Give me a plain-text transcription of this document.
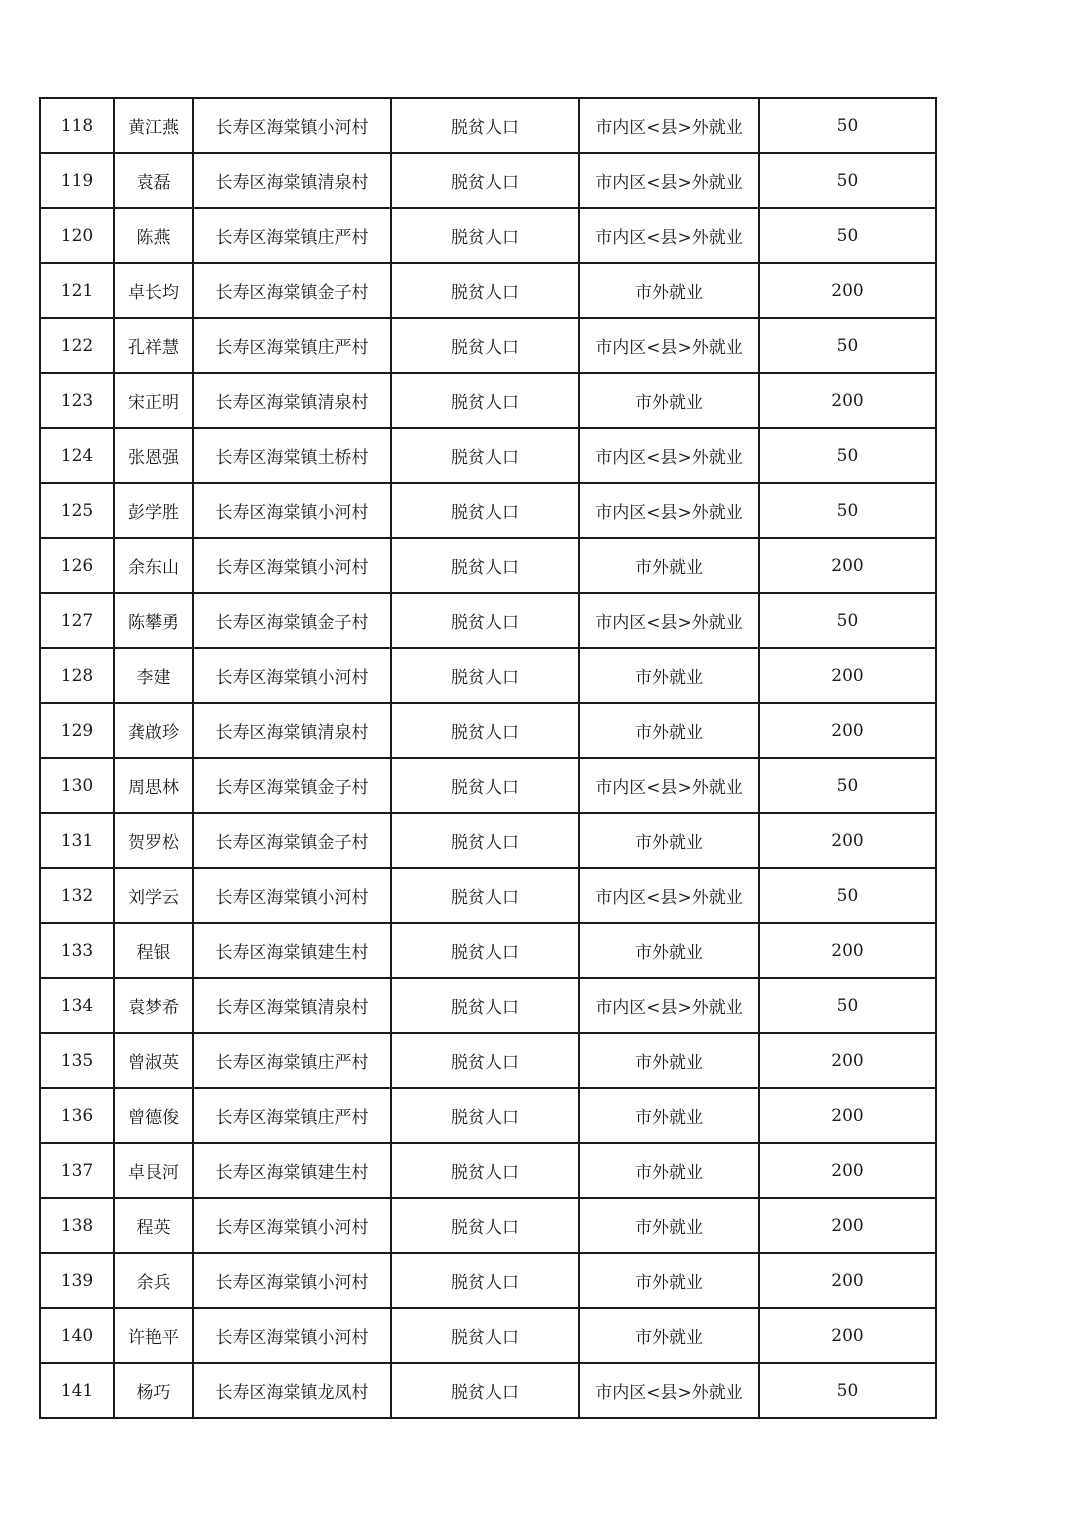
118	黄江燕	长寿区海棠镇小河村	脱贫人口	市内区<县>外就业	50
119	袁磊	长寿区海棠镇清泉村	脱贫人口	市内区<县>外就业	50
120	陈燕	长寿区海棠镇庄严村	脱贫人口	市内区<县>外就业	50
121	卓长均	长寿区海棠镇金子村	脱贫人口	市外就业	200
122	孔祥慧	长寿区海棠镇庄严村	脱贫人口	市内区<县>外就业	50
123	宋正明	长寿区海棠镇清泉村	脱贫人口	市外就业	200
124	张恩强	长寿区海棠镇土桥村	脱贫人口	市内区<县>外就业	50
125	彭学胜	长寿区海棠镇小河村	脱贫人口	市内区<县>外就业	50
126	余东山	长寿区海棠镇小河村	脱贫人口	市外就业	200
127	陈攀勇	长寿区海棠镇金子村	脱贫人口	市内区<县>外就业	50
128	李建	长寿区海棠镇小河村	脱贫人口	市外就业	200
129	龚啟珍	长寿区海棠镇清泉村	脱贫人口	市外就业	200
130	周思林	长寿区海棠镇金子村	脱贫人口	市内区<县>外就业	50
131	贺罗松	长寿区海棠镇金子村	脱贫人口	市外就业	200
132	刘学云	长寿区海棠镇小河村	脱贫人口	市内区<县>外就业	50
133	程银	长寿区海棠镇建生村	脱贫人口	市外就业	200
134	袁梦希	长寿区海棠镇清泉村	脱贫人口	市内区<县>外就业	50
135	曾淑英	长寿区海棠镇庄严村	脱贫人口	市外就业	200
136	曾德俊	长寿区海棠镇庄严村	脱贫人口	市外就业	200
137	卓艮河	长寿区海棠镇建生村	脱贫人口	市外就业	200
138	程英	长寿区海棠镇小河村	脱贫人口	市外就业	200
139	余兵	长寿区海棠镇小河村	脱贫人口	市外就业	200
140	许艳平	长寿区海棠镇小河村	脱贫人口	市外就业	200
141	杨巧	长寿区海棠镇龙凤村	脱贫人口	市内区<县>外就业	50
